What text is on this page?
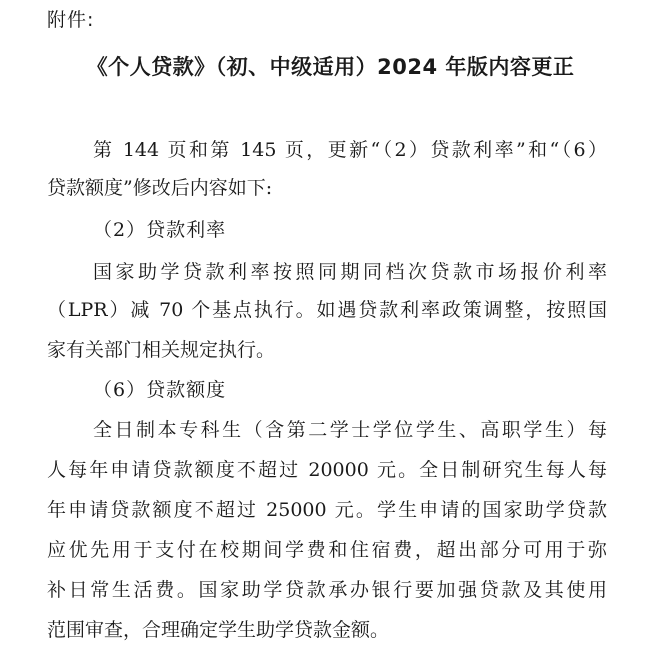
附件:
《个人贷款》（初、中级适用）2024 年版内容更正
第 144 页和第 145 页，更新“（2）贷款利率”和“（6）
贷款额度”修改后内容如下:
（2）贷款利率
国家助学贷款利率按照同期同档次贷款市场报价利率
（LPR）减 70 个基点执行。如遇贷款利率政策调整，按照国
家有关部门相关规定执行。
（6）贷款额度
全日制本专科生（含第二学士学位学生、高职学生）每
人每年申请贷款额度不超过 20000 元。全日制研究生每人每
年申请贷款额度不超过 25000 元。学生申请的国家助学贷款
应优先用于支付在校期间学费和住宿费，超出部分可用于弥
补日常生活费。国家助学贷款承办银行要加强贷款及其使用
范围审查，合理确定学生助学贷款金额。
